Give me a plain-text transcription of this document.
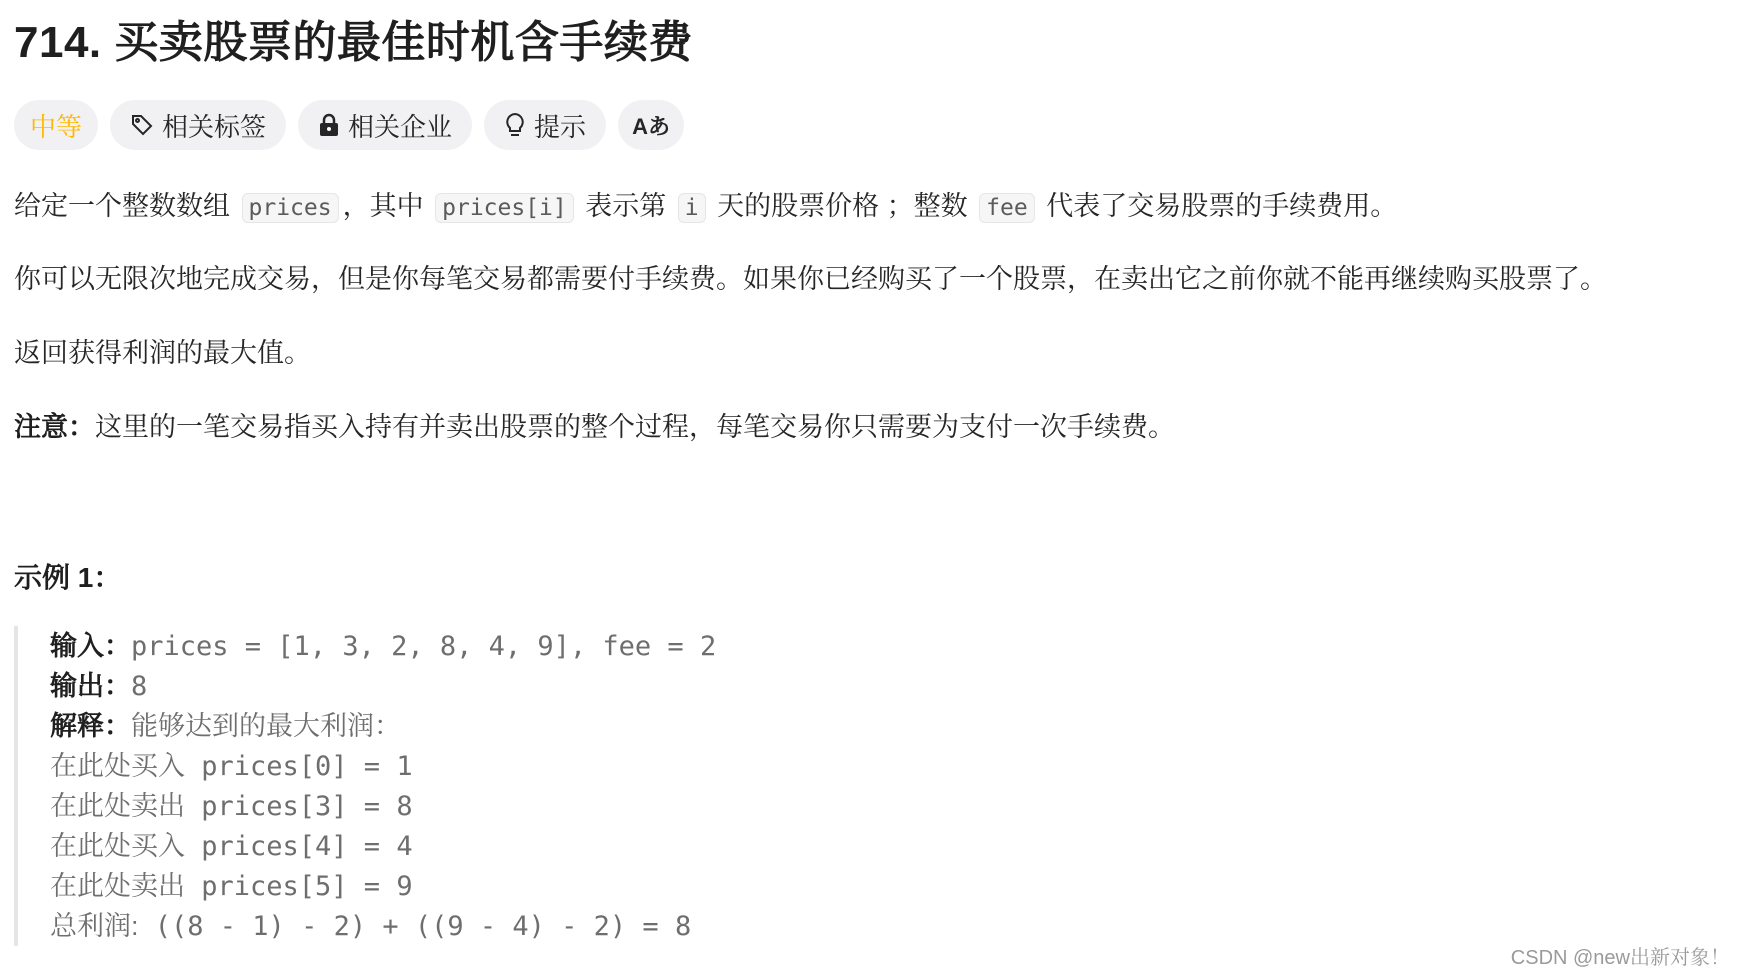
714. 买卖股票的最佳时机含手续费
中等	相关标签	相关企业	提示 Aあ
给定一个整数数组 prices ，其中 prices[i] 表示第 i 天的股票价格 ；整数 fee 代表了交易股票的手续费用。
你可以无限次地完成交易，但是你每笔交易都需要付手续费。如果你已经购买了一个股票，在卖出它之前你就不能再继续购买股票了。
返回获得利润的最大值。
注意：这里的一笔交易指买入持有并卖出股票的整个过程，每笔交易你只需要为支付一次手续费。
示例 1：
输入：prices = [1, 3, 2, 8, 4, 9], fee = 2
输出：8
解释：能够达到的最大利润：
在此处买入 prices[0] = 1
在此处卖出 prices[3] = 8
在此处买入 prices[4] = 4
在此处卖出 prices[5] = 9
总利润: ((8 - 1) - 2) + ((9 - 4) - 2) = 8
CSDN @new出新对象！
